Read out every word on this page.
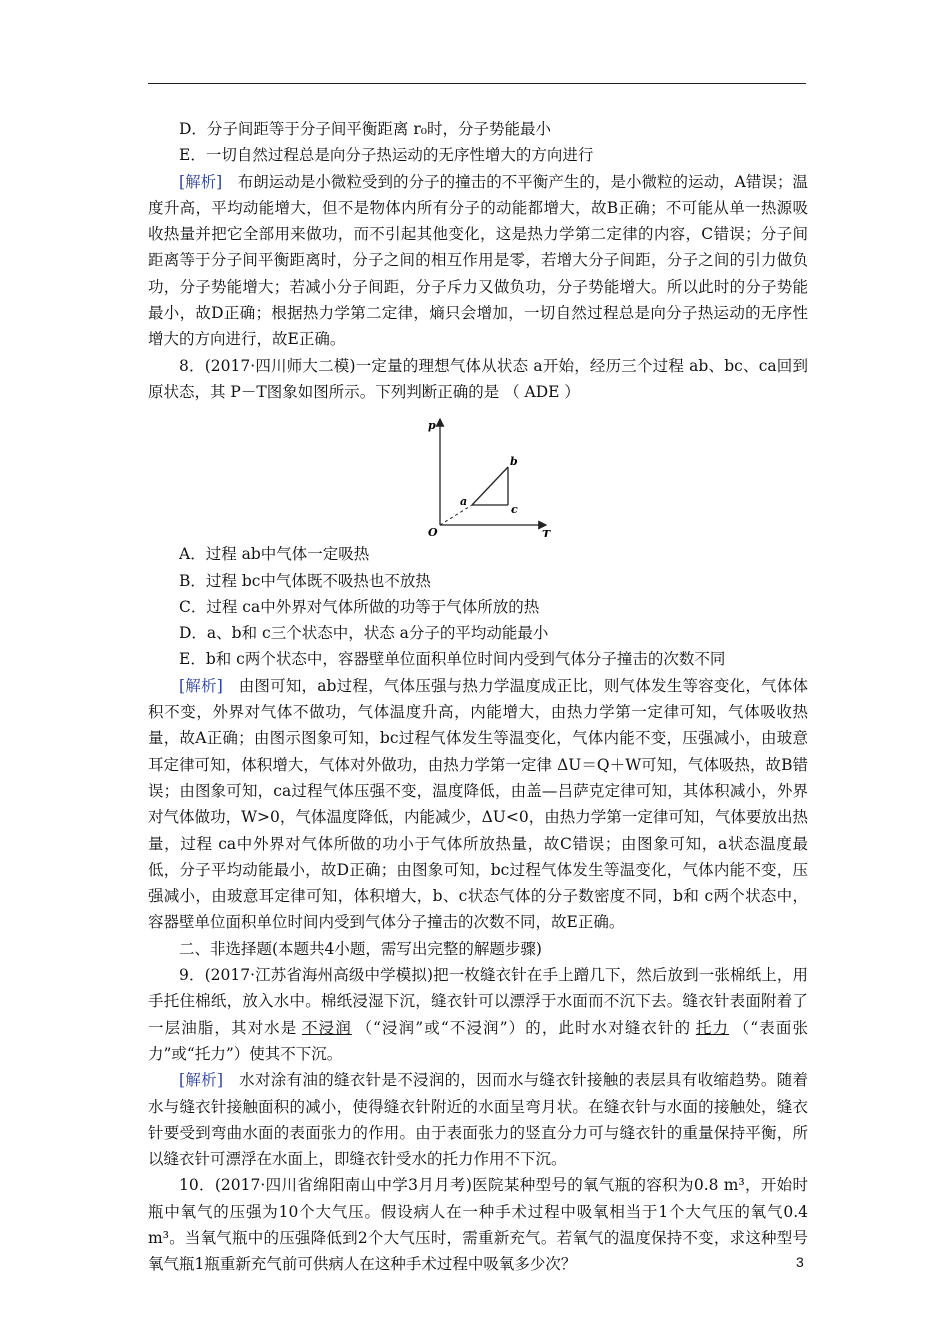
D．分子间距等于分子间平衡距离 r₀时，分子势能最小

E．一切自然过程总是向分子热运动的无序性增大的方向进行

[解析]　 布朗运动是小微粒受到的分子的撞击的不平衡产生的，是小微粒的运动，A错误；温度升高，平均动能增大，但不是物体内所有分子的动能都增大，故B正确；不可能从单一热源吸收热量并把它全部用来做功，而不引起其他变化，这是热力学第二定律的内容，C错误；分子间距离等于分子间平衡距离时，分子之间的相互作用是零，若增大分子间距，分子之间的引力做负功，分子势能增大；若减小分子间距，分子斥力又做负功，分子势能增大。所以此时的分子势能最小，故D正确；根据热力学第二定律，熵只会增加，一切自然过程总是向分子热运动的无序性增大的方向进行，故E正确。

8．(2017·四川师大二模)一定量的理想气体从状态 a开始，经历三个过程 ab、bc、ca回到原状态，其 P－T图象如图所示。下列判断正确的是 （ ADE ）

p
T
O
a
b
c

A．过程 ab中气体一定吸热

B．过程 bc中气体既不吸热也不放热

C．过程 ca中外界对气体所做的功等于气体所放的热

D．a、b和 c三个状态中，状态 a分子的平均动能最小

E．b和 c两个状态中，容器壁单位面积单位时间内受到气体分子撞击的次数不同

[解析]　 由图可知，ab过程，气体压强与热力学温度成正比，则气体发生等容变化，气体体积不变，外界对气体不做功，气体温度升高，内能增大，由热力学第一定律可知，气体吸收热量，故A正确；由图示图象可知，bc过程气体发生等温变化，气体内能不变，压强减小，由玻意耳定律可知，体积增大，气体对外做功，由热力学第一定律 ΔU＝Q＋W可知，气体吸热，故B错误；由图象可知，ca过程气体压强不变，温度降低，由盖—吕萨克定律可知，其体积减小，外界对气体做功，W>0，气体温度降低，内能减少，ΔU<0，由热力学第一定律可知，气体要放出热量，过程 ca中外界对气体所做的功小于气体所放热量，故C错误；由图象可知，a状态温度最低，分子平均动能最小，故D正确；由图象可知，bc过程气体发生等温变化，气体内能不变，压强减小，由玻意耳定律可知，体积增大，b、c状态气体的分子数密度不同，b和 c两个状态中，容器壁单位面积单位时间内受到气体分子撞击的次数不同，故E正确。

二、非选择题(本题共4小题，需写出完整的解题步骤)

9．(2017·江苏省海州高级中学模拟)把一枚缝衣针在手上蹭几下，然后放到一张棉纸上，用手托住棉纸，放入水中。棉纸浸湿下沉，缝衣针可以漂浮于水面而不沉下去。缝衣针表面附着了一层油脂，其对水是 不浸润 （“浸润”或“不浸润”）的，此时水对缝衣针的 托力 （“表面张力”或“托力”）使其不下沉。

[解析]　 水对涂有油的缝衣针是不浸润的，因而水与缝衣针接触的表层具有收缩趋势。随着水与缝衣针接触面积的减小，使得缝衣针附近的水面呈弯月状。在缝衣针与水面的接触处，缝衣针要受到弯曲水面的表面张力的作用。由于表面张力的竖直分力可与缝衣针的重量保持平衡，所以缝衣针可漂浮在水面上，即缝衣针受水的托力作用不下沉。

10．(2017·四川省绵阳南山中学3月月考)医院某种型号的氧气瓶的容积为0.8 m³，开始时瓶中氧气的压强为10个大气压。假设病人在一种手术过程中吸氧相当于1个大气压的氧气0.4 m³。当氧气瓶中的压强降低到2个大气压时，需重新充气。若氧气的温度保持不变，求这种型号氧气瓶1瓶重新充气前可供病人在这种手术过程中吸氧多少次？	3
